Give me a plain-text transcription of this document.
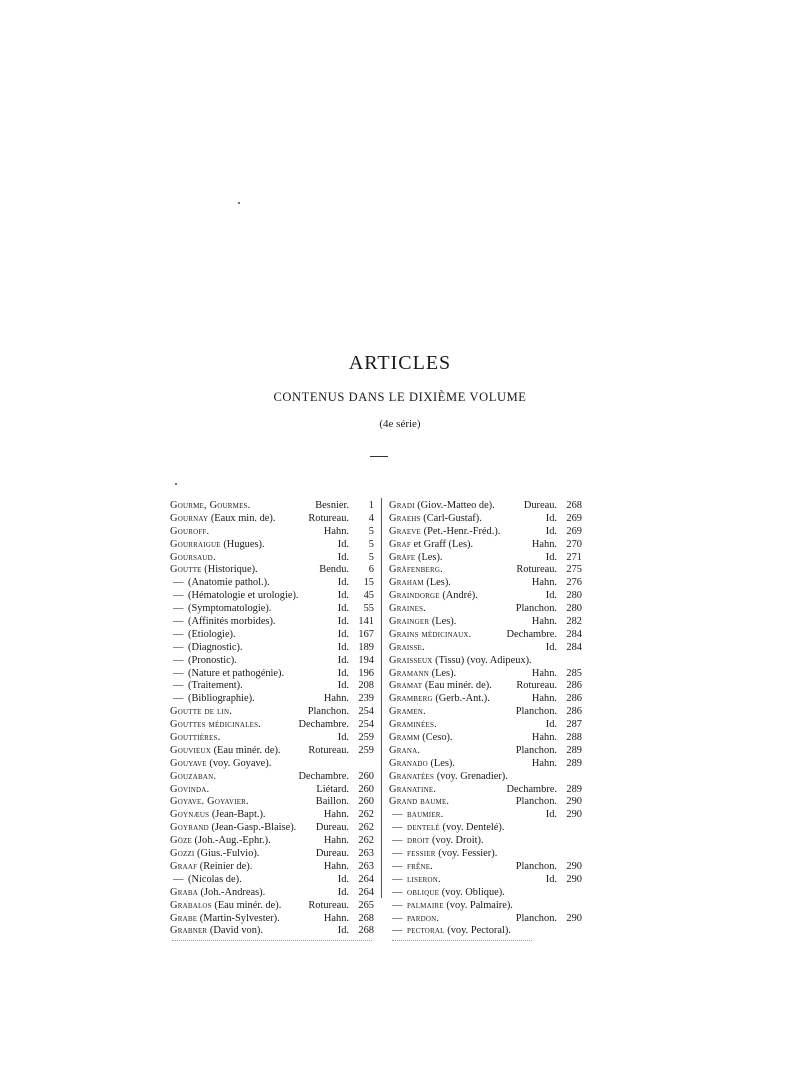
ARTICLES
CONTENUS DANS LE DIXIÈME VOLUME
(4e série)
Gourme, Gourmes.	Besnier.	1
Gournay (Eaux min. de).	Rotureau.	4
Gouroff.	Hahn.	5
Gourraigue (Hugues).	Id.	5
Goursaud.	Id.	5
Goutte (Historique).	Bendu.	6
— (Anatomie pathol.).	Id.	15
— (Hématologie et urologie).	Id.	45
— (Symptomatologie).	Id.	55
— (Affinités morbides).	Id. 141
— (Étiologie).	Id. 167
— (Diagnostic).	Id. 189
— (Pronostic).	Id. 194
— (Nature et pathogénie).	Id. 196
— (Traitement).	Id. 208
— (Bibliographie).	Hahn. 239
Goutte de lin.	Planchon. 254
Gouttes médicinales.	Dechambre. 254
Gouttières.	Id. 259
Gouvieux (Eau minér. de).	Rotureau. 259
Gouyave (voy. Goyave).
Gouzaban.	Dechambre. 260
Govinda.	Liétard. 260
Goyave. Goyavier.	Baillon. 260
Goynæus (Jean-Bapt.).	Hahn. 262
Goyrand (Jean-Gasp.-Blaise).	Dureau. 262
Göze (Joh.-Aug.-Ephr.).	Hahn. 262
Gozzi (Gius.-Fulvio).	Dureau. 263
Graaf (Reinier de).	Hahn. 263
— (Nicolas de).	Id. 264
Graba (Joh.-Andreas).	Id. 264
Grabalos (Eau minér. de).	Rotureau. 265
Grabe (Martin-Sylvester).	Hahn. 268
Grabner (David von).	Id. 268
Gradi (Giov.-Matteo de).	Dureau. 268
Graehs (Carl-Gustaf).	Id. 269
Graeve (Pet.-Henr.-Fréd.).	Id. 269
Graf et Graff (Les).	Hahn. 270
Gräfe (Les).	Id. 271
Gräfenberg.	Rotureau. 275
Graham (Les).	Hahn. 276
Graindorge (André).	Id. 280
Graines.	Planchon. 280
Grainger (Les).	Hahn. 282
Grains médicinaux.	Dechambre. 284
Graisse.	Id. 284
Graisseux (Tissu) (voy. Adipeux).
Gramann (Les).	Hahn. 285
Gramat (Eau minér. de).	Rotureau. 286
Gramberg (Gerb.-Ant.).	Hahn. 286
Gramen.	Planchon. 286
Graminées.	Id. 287
Gramm (Ceso).	Hahn. 288
Grana.	Planchon. 289
Granado (Les).	Hahn. 289
Granatées (voy. Grenadier).
Granatine.	Dechambre. 289
Grand baume.	Planchon. 290
— baumier.	Id. 290
— dentelé (voy. Dentelé).
— droit (voy. Droit).
— fessier (voy. Fessier).
— frêne.	Planchon. 290
— liseron.	Id. 290
— oblique (voy. Oblique).
— palmaire (voy. Palmaire).
— pardon.	Planchon. 290
— pectoral (voy. Pectoral).
